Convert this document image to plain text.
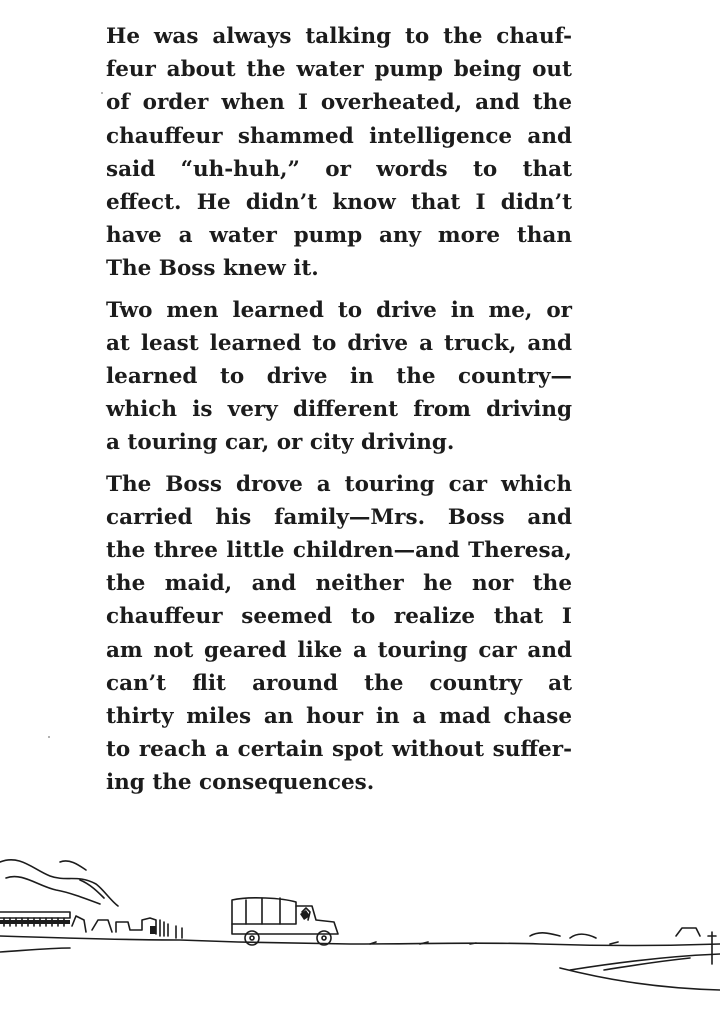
He was always talking to the chauf-
feur about the water pump being out
of order when I overheated, and the
chauffeur shammed intelligence and
said “uh-huh,” or words to that
effect. He didn’t know that I didn’t
have a water pump any more than
The Boss knew it.

Two men learned to drive in me, or
at least learned to drive a truck, and
learned to drive in the country—
which is very different from driving
a touring car, or city driving.

The Boss drove a touring car which
carried his family—Mrs. Boss and
the three little children—and Theresa,
the maid, and neither he nor the
chauffeur seemed to realize that I
am not geared like a touring car and
can’t flit around the country at
thirty miles an hour in a mad chase
to reach a certain spot without suffer-
ing the consequences.
